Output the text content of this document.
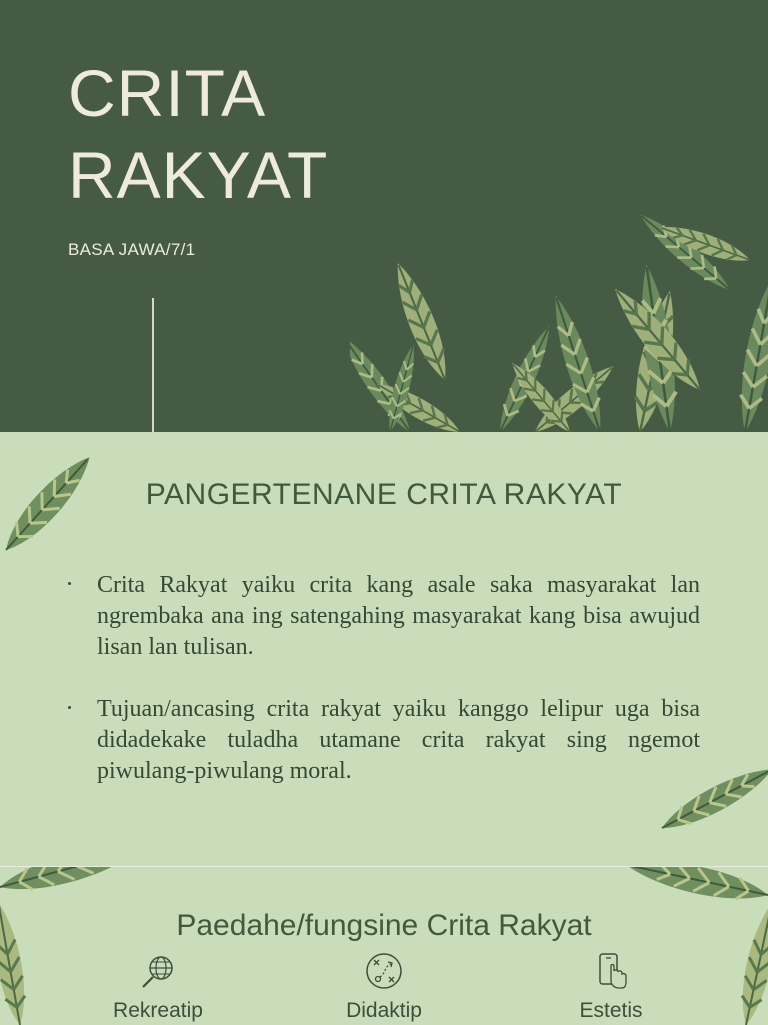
CRITA
RAKYAT
BASA JAWA/7/1
PANGERTENANE CRITA RAKYAT
Crita Rakyat yaiku crita kang asale saka masyarakat lan ngrembaka ana ing satengahing masyarakat kang bisa awujud lisan lan tulisan.
Tujuan/ancasing crita rakyat yaiku kanggo lelipur uga bisa didadekake tuladha utamane crita rakyat sing ngemot piwulang-piwulang moral.
Paedahe/fungsine Crita Rakyat
Rekreatip	Didaktip	Estetis
